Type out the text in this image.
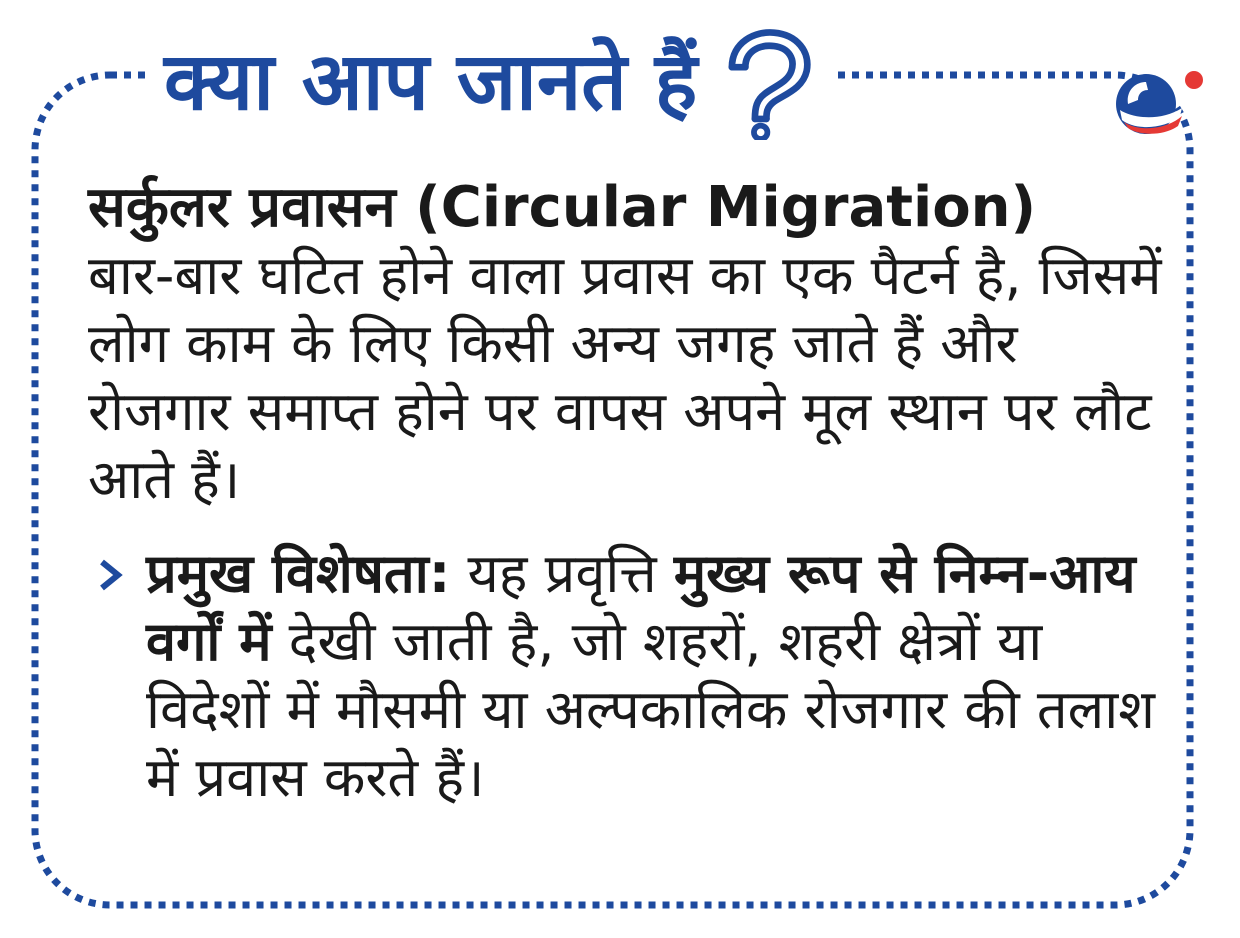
क्या आप जानते हैं
सर्कुलर प्रवासन (Circular Migration)
बार-बार घटित होने वाला प्रवास का एक पैटर्न है, जिसमें लोग काम के लिए किसी अन्य जगह जाते हैं और रोजगार समाप्त होने पर वापस अपने मूल स्थान पर लौट आते हैं।
प्रमुख विशेषता: यह प्रवृत्ति मुख्य रूप से निम्न-आय वर्गों में देखी जाती है, जो शहरों, शहरी क्षेत्रों या विदेशों में मौसमी या अल्पकालिक रोजगार की तलाश में प्रवास करते हैं।
